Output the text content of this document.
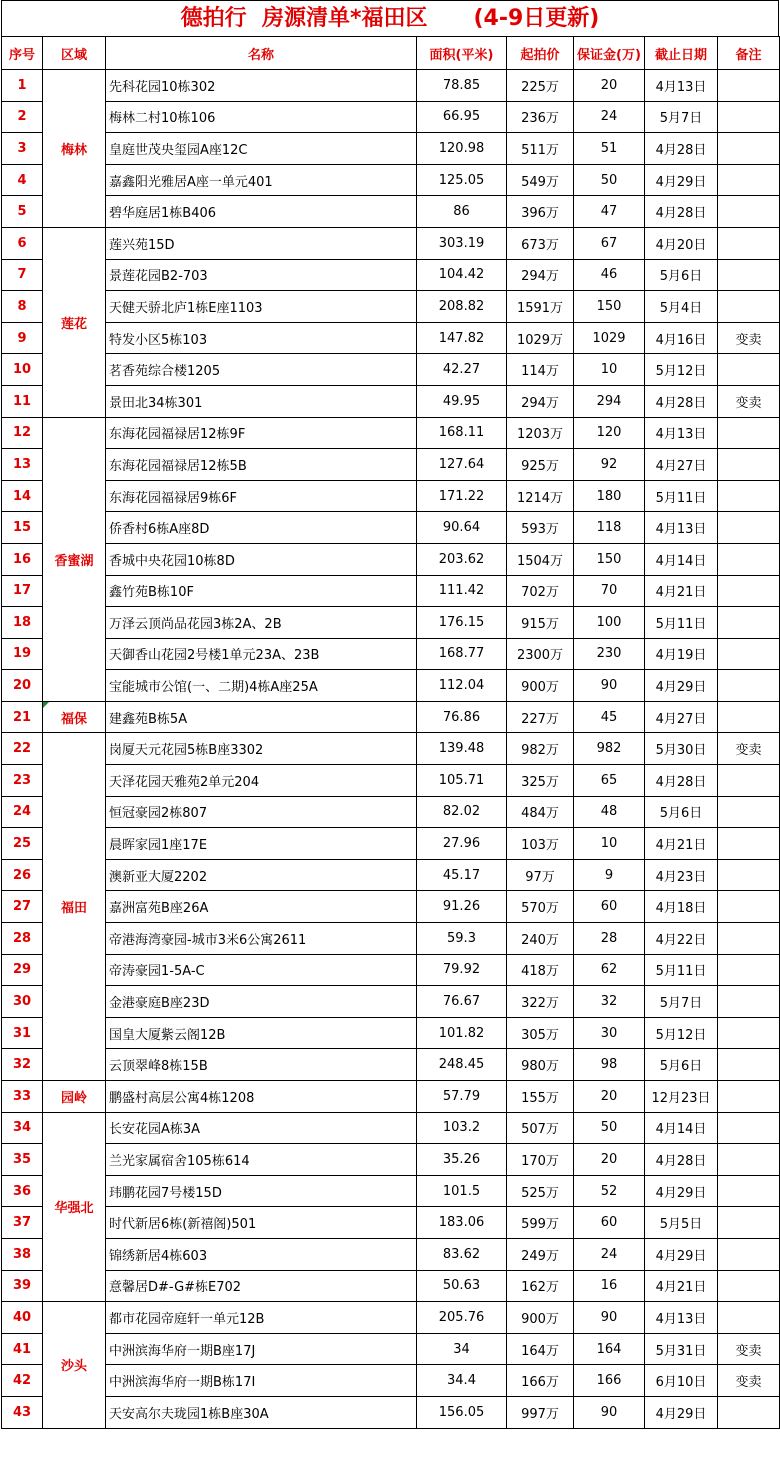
德拍行  房源清单*福田区      (4-9日更新)
序号	区域	名称	面积(平米)	起拍价	保证金(万)	截止日期	备注
1	梅林	先科花园10栋302	78.85	225万	20	4月13日	
2		梅林二村10栋106	66.95	236万	24	5月7日	
3		皇庭世茂央玺园A座12C	120.98	511万	51	4月28日	
4		嘉鑫阳光雅居A座一单元401	125.05	549万	50	4月29日	
5		碧华庭居1栋B406	86	396万	47	4月28日	
6	莲花	莲兴苑15D	303.19	673万	67	4月20日	
7		景莲花园B2-703	104.42	294万	46	5月6日	
8		天健天骄北庐1栋E座1103	208.82	1591万	150	5月4日	
9		特发小区5栋103	147.82	1029万	1029	4月16日	变卖
10		茗香苑综合楼1205	42.27	114万	10	5月12日	
11		景田北34栋301	49.95	294万	294	4月28日	变卖
12	香蜜湖	东海花园福禄居12栋9F	168.11	1203万	120	4月13日	
13		东海花园福禄居12栋5B	127.64	925万	92	4月27日	
14		东海花园福禄居9栋6F	171.22	1214万	180	5月11日	
15		侨香村6栋A座8D	90.64	593万	118	4月13日	
16		香城中央花园10栋8D	203.62	1504万	150	4月14日	
17		鑫竹苑B栋10F	111.42	702万	70	4月21日	
18		万泽云顶尚品花园3栋2A、2B	176.15	915万	100	5月11日	
19		天御香山花园2号楼1单元23A、23B	168.77	2300万	230	4月19日	
20		宝能城市公馆(一、二期)4栋A座25A	112.04	900万	90	4月29日	
21	福保	建鑫苑B栋5A	76.86	227万	45	4月27日	
22	福田	岗厦天元花园5栋B座3302	139.48	982万	982	5月30日	变卖
23		天泽花园天雅苑2单元204	105.71	325万	65	4月28日	
24		恒冠豪园2栋807	82.02	484万	48	5月6日	
25		晨晖家园1座17E	27.96	103万	10	4月21日	
26		澳新亚大厦2202	45.17	97万	9	4月23日	
27		嘉洲富苑B座26A	91.26	570万	60	4月18日	
28		帝港海湾豪园-城市3米6公寓2611	59.3	240万	28	4月22日	
29		帝涛豪园1-5A-C	79.92	418万	62	5月11日	
30		金港豪庭B座23D	76.67	322万	32	5月7日	
31		国皇大厦紫云阁12B	101.82	305万	30	5月12日	
32		云顶翠峰8栋15B	248.45	980万	98	5月6日	
33	园岭	鹏盛村高层公寓4栋1208	57.79	155万	20	12月23日	
34	华强北	长安花园A栋3A	103.2	507万	50	4月14日	
35		兰光家属宿舍105栋614	35.26	170万	20	4月28日	
36		玮鹏花园7号楼15D	101.5	525万	52	4月29日	
37		时代新居6栋(新禧阁)501	183.06	599万	60	5月5日	
38		锦绣新居4栋603	83.62	249万	24	4月29日	
39		意馨居D#-G#栋E702	50.63	162万	16	4月21日	
40	沙头	都市花园帝庭轩一单元12B	205.76	900万	90	4月13日	
41		中洲滨海华府一期B座17J	34	164万	164	5月31日	变卖
42		中洲滨海华府一期B栋17I	34.4	166万	166	6月10日	变卖
43		天安高尔夫珑园1栋B座30A	156.05	997万	90	4月29日	
